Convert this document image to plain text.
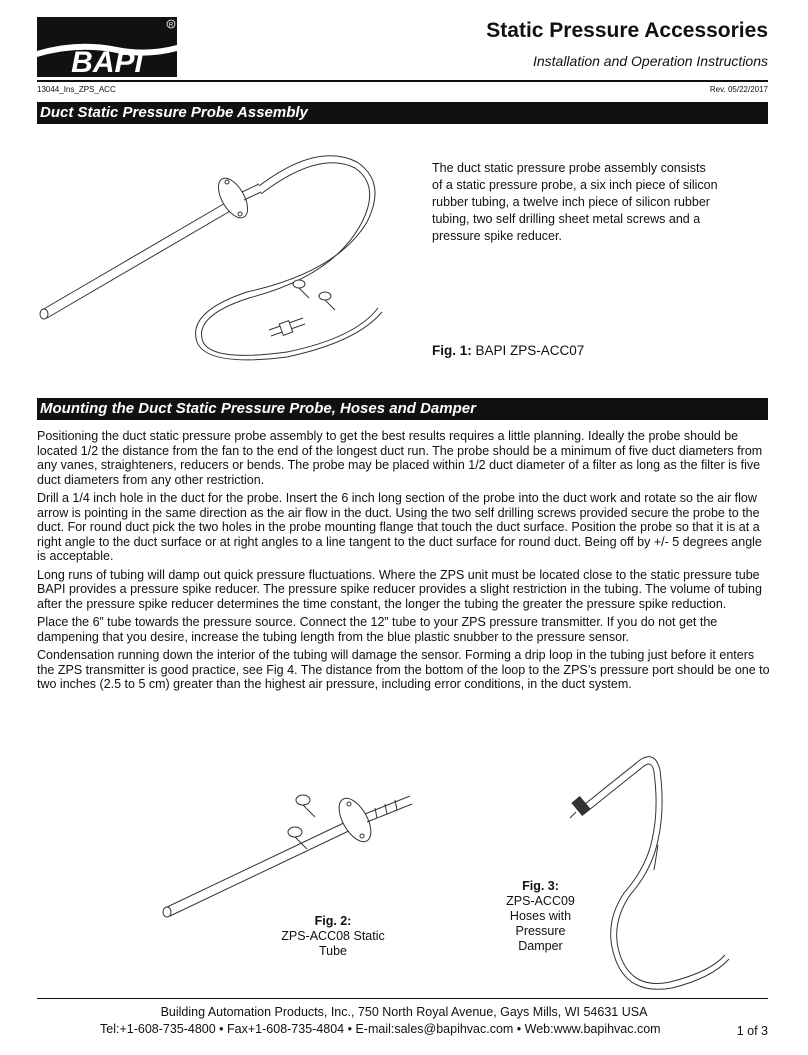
BAPI
R	Static Pressure Accessories
Installation and Operation Instructions
13044_Ins_ZPS_ACC	Rev. 05/22/2017
Duct Static Pressure Probe Assembly
The duct static pressure probe assembly consists
of a static pressure probe, a six inch piece of silicon
rubber tubing, a twelve inch piece of silicon rubber
tubing, two self drilling sheet metal screws and a
pressure spike reducer.
Fig. 1: BAPI ZPS-ACC07
Mounting the Duct Static Pressure Probe, Hoses and Damper

Positioning the duct static pressure probe assembly to get the best results requires a little planning. Ideally the probe should be located 1/2 the distance from the fan to the end of the longest duct run. The probe should be a minimum of five duct diameters from any vanes, straighteners, reducers or bends. The probe may be placed within 1/2 duct diameter of a filter as long as the filter is five duct diameters from any other restriction.

Drill a 1/4 inch hole in the duct for the probe. Insert the 6 inch long section of the probe into the duct work and rotate so the air flow arrow is pointing in the same direction as the air flow in the duct. Using the two self drilling screws provided secure the probe to the duct. For round duct pick the two holes in the probe mounting flange that touch the duct surface. Position the probe so that it is at a right angle to the duct surface or at right angles to a line tangent to the duct surface for round duct. Being off by +/- 5 degrees angle is acceptable.

Long runs of tubing will damp out quick pressure fluctuations. Where the ZPS unit must be located close to the static pressure tube BAPI provides a pressure spike reducer. The pressure spike reducer provides a slight restriction in the tubing. The volume of tubing after the pressure spike reducer determines the time constant, the longer the tubing the greater the pressure spike reduction.

Place the 6” tube towards the pressure source. Connect the 12” tube to your ZPS pressure transmitter. If you do not get the dampening that you desire, increase the tubing length from the blue plastic snubber to the pressure sensor.

Condensation running down the interior of the tubing will damage the sensor. Forming a drip loop in the tubing just before it enters the ZPS transmitter is good practice, see Fig 4. The distance from the bottom of the loop to the ZPS’s pressure port should be one to two inches (2.5 to 5 cm) greater than the highest air pressure, including error conditions, in the duct system.

Fig. 2:
ZPS-ACC08 Static
Tube
Fig. 3:
ZPS-ACC09
Hoses with
Pressure
Damper
Building Automation Products, Inc., 750 North Royal Avenue, Gays Mills, WI 54631 USA
Tel:+1-608-735-4800 • Fax+1-608-735-4804 • E-mail:sales@bapihvac.com • Web:www.bapihvac.com	1 of 3
